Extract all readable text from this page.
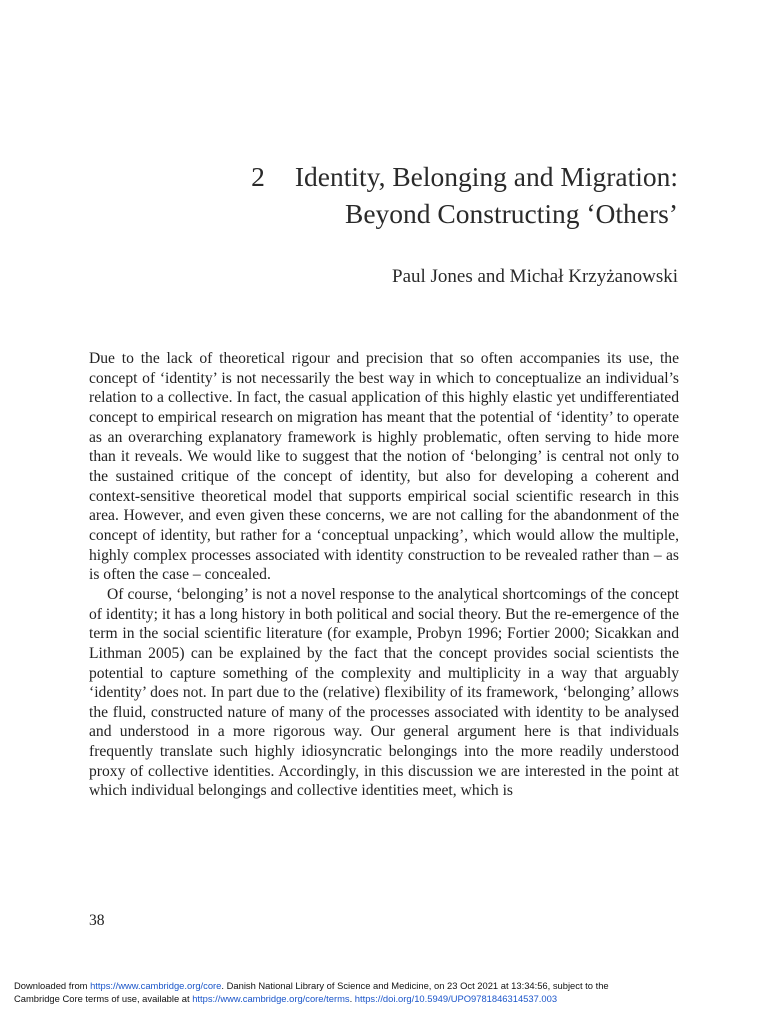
2 Identity, Belonging and Migration:
Beyond Constructing ‘Others’
Paul Jones and Michał Krzyżanowski

Due to the lack of theoretical rigour and precision that so often accompanies its use, the concept of ‘identity’ is not necessarily the best way in which to conceptualize an individual’s relation to a collective. In fact, the casual application of this highly elastic yet undifferentiated concept to empirical research on migration has meant that the potential of ‘identity’ to operate as an overarching explanatory framework is highly problematic, often serving to hide more than it reveals. We would like to suggest that the notion of ‘belonging’ is central not only to the sustained critique of the concept of identity, but also for developing a coherent and context-sensitive theoretical model that supports empirical social scientific research in this area. However, and even given these concerns, we are not calling for the abandonment of the concept of identity, but rather for a ‘conceptual unpacking’, which would allow the multiple, highly complex processes associated with identity construction to be revealed rather than – as is often the case – concealed.

Of course, ‘belonging’ is not a novel response to the analytical shortcomings of the concept of identity; it has a long history in both political and social theory. But the re-emergence of the term in the social scientific literature (for example, Probyn 1996; Fortier 2000; Sicakkan and Lithman 2005) can be explained by the fact that the concept provides social scientists the potential to capture something of the complexity and multiplicity in a way that arguably ‘identity’ does not. In part due to the (relative) flexibility of its framework, ‘belonging’ allows the fluid, constructed nature of many of the processes associated with identity to be analysed and understood in a more rigorous way. Our general argument here is that individuals frequently translate such highly idiosyncratic belongings into the more readily understood proxy of collective identities. Accordingly, in this discussion we are interested in the point at which individual belongings and collective identities meet, which is

38
Downloaded from https://www.cambridge.org/core. Danish National Library of Science and Medicine, on 23 Oct 2021 at 13:34:56, subject to the
Cambridge Core terms of use, available at https://www.cambridge.org/core/terms. https://doi.org/10.5949/UPO9781846314537.003
